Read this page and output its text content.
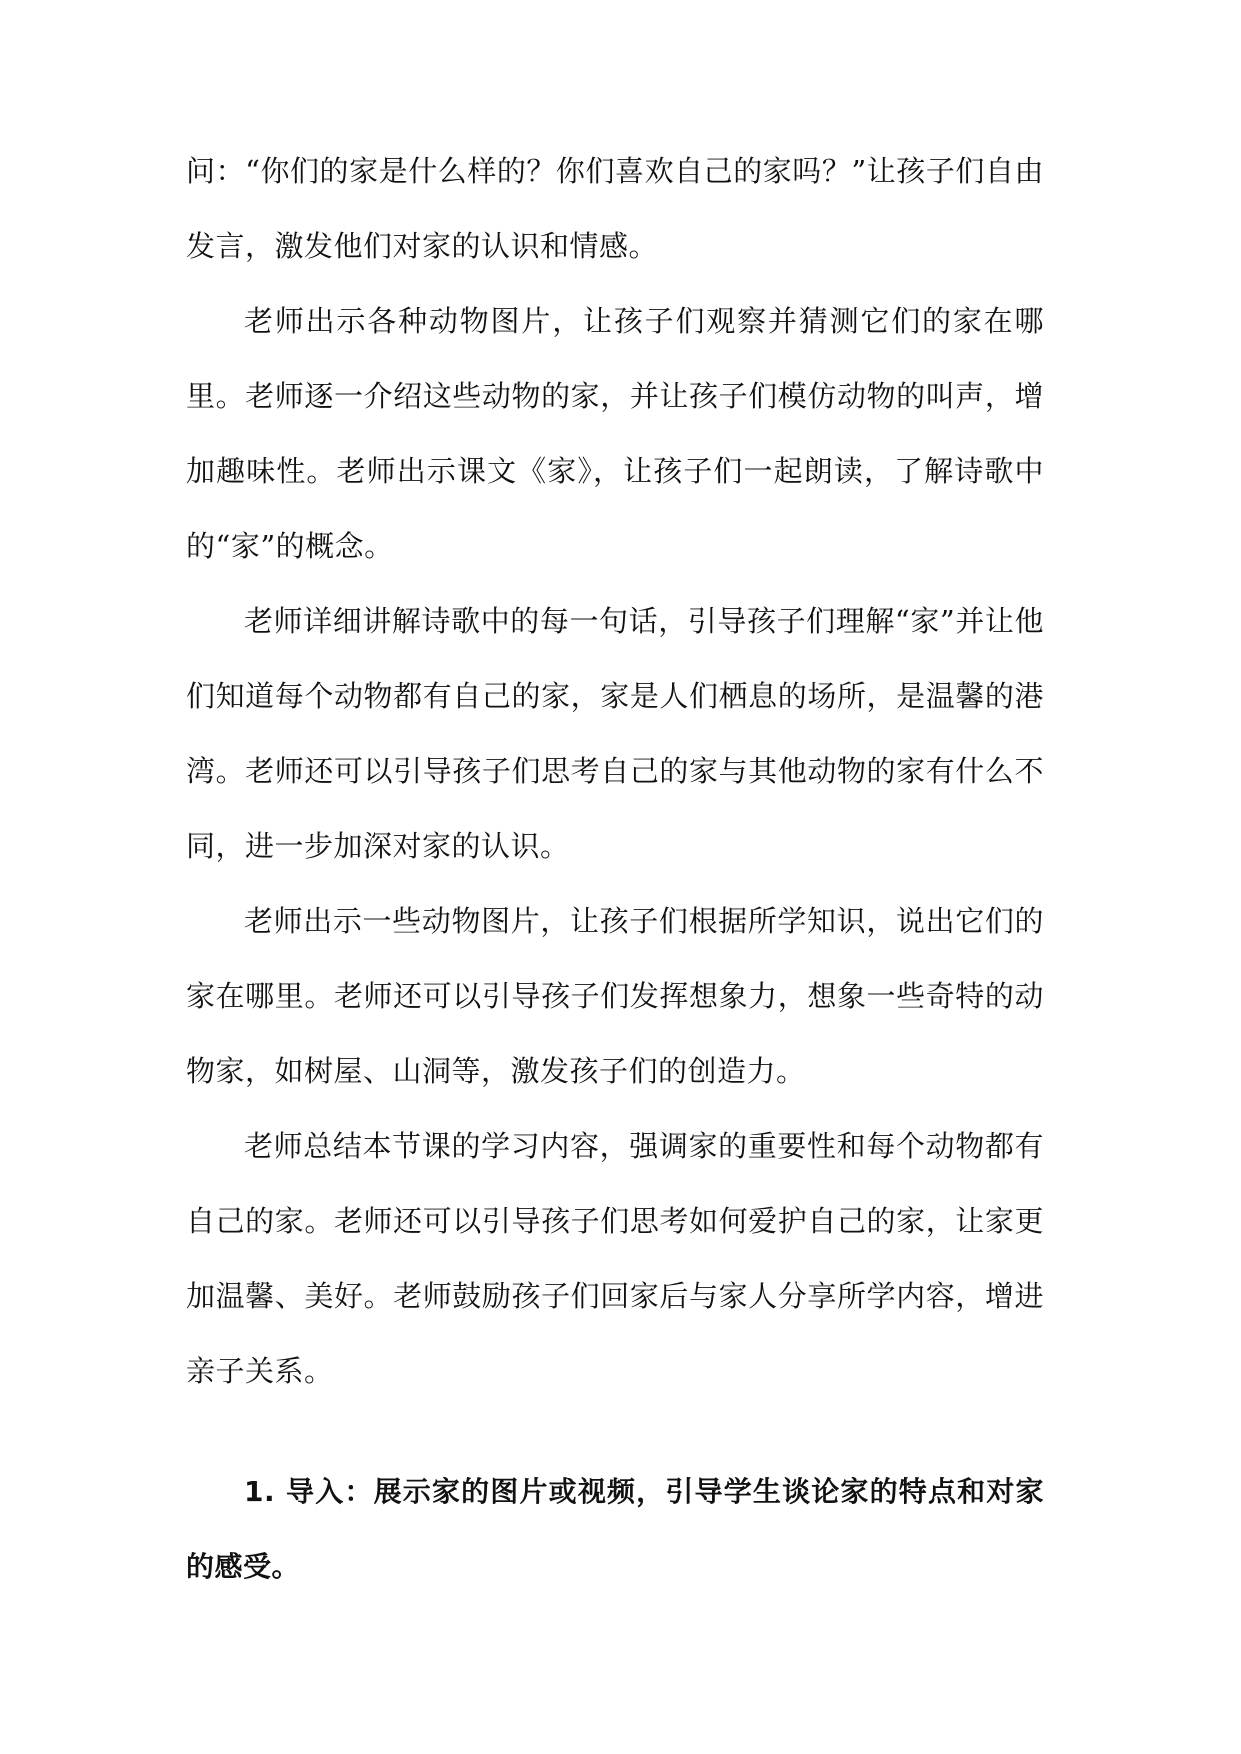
问：“你们的家是什么样的？你们喜欢自己的家吗？”让孩子们自由发言，激发他们对家的认识和情感。

老师出示各种动物图片，让孩子们观察并猜测它们的家在哪里。老师逐一介绍这些动物的家，并让孩子们模仿动物的叫声，增加趣味性。老师出示课文《家》，让孩子们一起朗读，了解诗歌中的“家”的概念。

老师详细讲解诗歌中的每一句话，引导孩子们理解“家”并让他们知道每个动物都有自己的家，家是人们栖息的场所，是温馨的港湾。老师还可以引导孩子们思考自己的家与其他动物的家有什么不同，进一步加深对家的认识。

老师出示一些动物图片，让孩子们根据所学知识，说出它们的家在哪里。老师还可以引导孩子们发挥想象力，想象一些奇特的动物家，如树屋、山洞等，激发孩子们的创造力。

老师总结本节课的学习内容，强调家的重要性和每个动物都有自己的家。老师还可以引导孩子们思考如何爱护自己的家，让家更加温馨、美好。老师鼓励孩子们回家后与家人分享所学内容，增进亲子关系。

1. 导入：展示家的图片或视频，引导学生谈论家的特点和对家的感受。
